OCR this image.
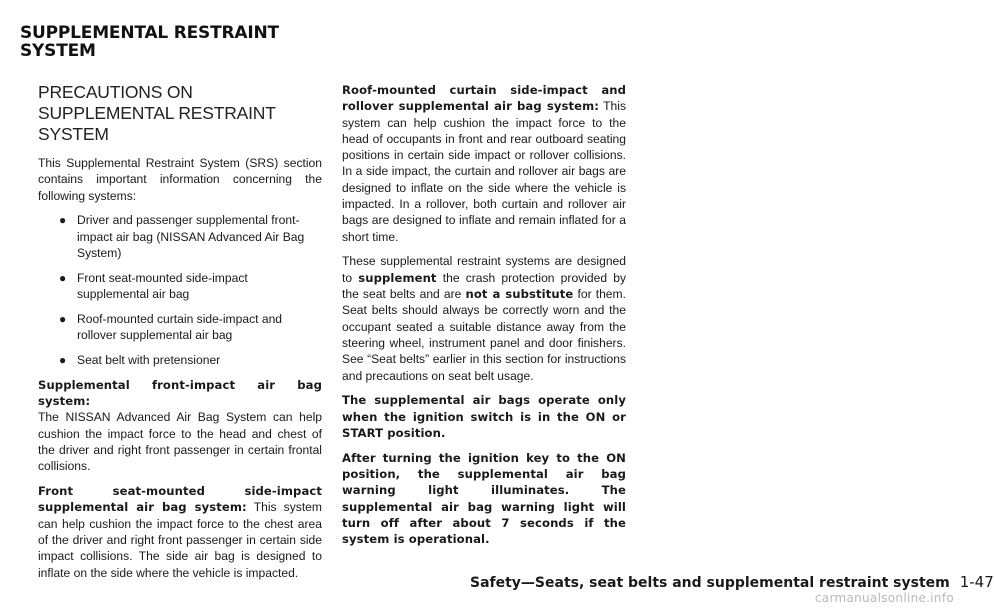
SUPPLEMENTAL RESTRAINT
SYSTEM
PRECAUTIONS ON SUPPLEMENTAL RESTRAINT SYSTEM

This Supplemental Restraint System (SRS) section contains important information concerning the following systems:

● Driver and passenger supplemental front-impact air bag (NISSAN Advanced Air Bag System)
● Front seat-mounted side-impact supplemental air bag
● Roof-mounted curtain side-impact and rollover supplemental air bag
● Seat belt with pretensioner

Supplemental front-impact air bag system:
The NISSAN Advanced Air Bag System can help cushion the impact force to the head and chest of the driver and right front passenger in certain frontal collisions.

Front seat-mounted side-impact supplemental air bag system: This system can help cushion the impact force to the chest area of the driver and right front passenger in certain side impact collisions. The side air bag is designed to inflate on the side where the vehicle is impacted.

Roof-mounted curtain side-impact and rollover supplemental air bag system: This system can help cushion the impact force to the head of occupants in front and rear outboard seating positions in certain side impact or rollover collisions. In a side impact, the curtain and rollover air bags are designed to inflate on the side where the vehicle is impacted. In a rollover, both curtain and rollover air bags are designed to inflate and remain inflated for a short time.

These supplemental restraint systems are designed to supplement the crash protection provided by the seat belts and are not a substitute for them. Seat belts should always be correctly worn and the occupant seated a suitable distance away from the steering wheel, instrument panel and door finishers. See “Seat belts” earlier in this section for instructions and precautions on seat belt usage.

The supplemental air bags operate only when the ignition switch is in the ON or START position.

After turning the ignition key to the ON position, the supplemental air bag warning light illuminates. The supplemental air bag warning light will turn off after about 7 seconds if the system is operational.

Safety—Seats, seat belts and supplemental restraint system 1-47
carmanualsonline.info
